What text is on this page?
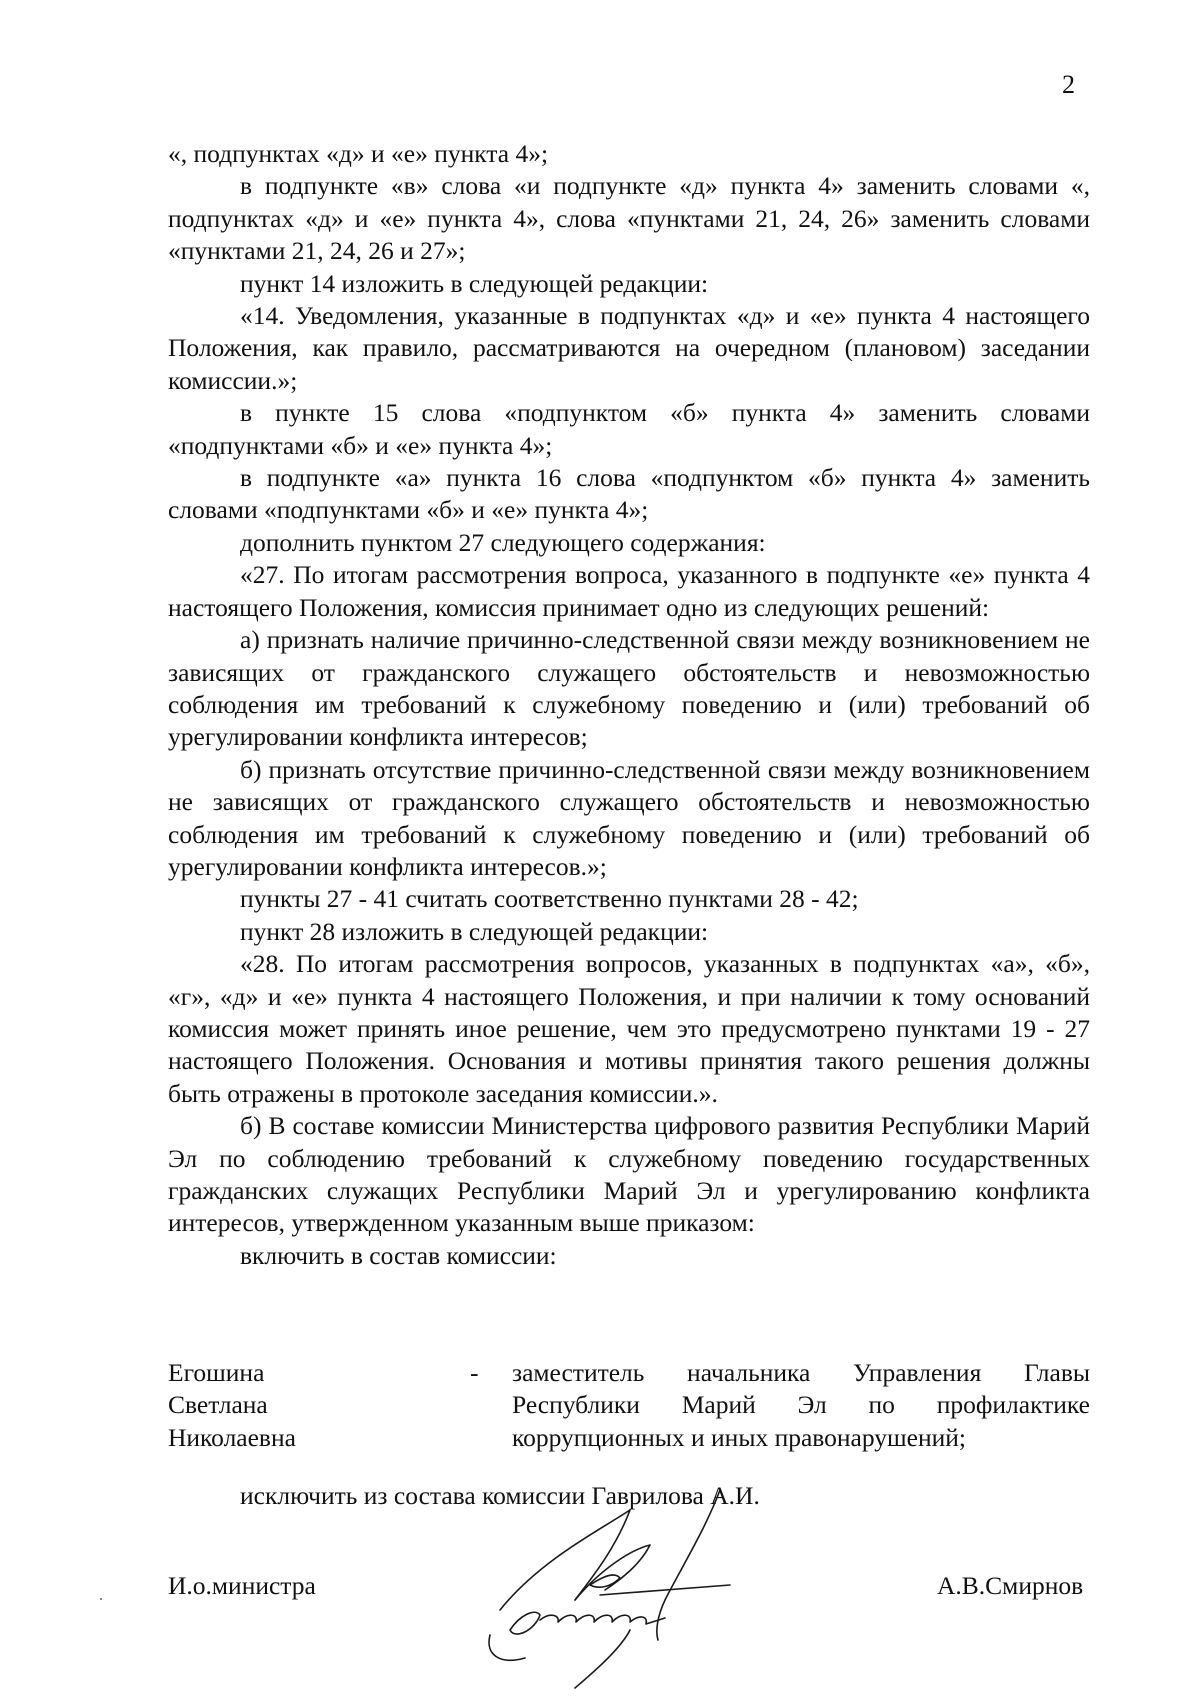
2

«, подпунктах «д» и «е» пункта 4»;

в подпункте «в» слова «и подпункте «д» пункта 4» заменить словами «, подпунктах «д» и «е» пункта 4», слова «пунктами 21, 24, 26» заменить словами «пунктами 21, 24, 26 и 27»;

пункт 14 изложить в следующей редакции:

«14. Уведомления, указанные в подпунктах «д» и «е» пункта 4 настоящего Положения, как правило, рассматриваются на очередном (плановом) заседании комиссии.»;

в пункте 15 слова «подпунктом «б» пункта 4» заменить словами «подпунктами «б» и «е» пункта 4»;

в подпункте «а» пункта 16 слова «подпунктом «б» пункта 4» заменить словами «подпунктами «б» и «е» пункта 4»;

дополнить пунктом 27 следующего содержания:

«27. По итогам рассмотрения вопроса, указанного в подпункте «е» пункта 4 настоящего Положения, комиссия принимает одно из следующих решений:

а) признать наличие причинно-следственной связи между возникновением не зависящих от гражданского служащего обстоятельств и невозможностью соблюдения им требований к служебному поведению и (или) требований об урегулировании конфликта интересов;

б) признать отсутствие причинно-следственной связи между возникновением не зависящих от гражданского служащего обстоятельств и невозможностью соблюдения им требований к служебному поведению и (или) требований об урегулировании конфликта интересов.»;

пункты 27 - 41 считать соответственно пунктами 28 - 42;

пункт 28 изложить в следующей редакции:

«28. По итогам рассмотрения вопросов, указанных в подпунктах «а», «б», «г», «д» и «е» пункта 4 настоящего Положения, и при наличии к тому оснований комиссия может принять иное решение, чем это предусмотрено пунктами 19 - 27 настоящего Положения. Основания и мотивы принятия такого решения должны быть отражены в протоколе заседания комиссии.».

б) В составе комиссии Министерства цифрового развития Республики Марий Эл по соблюдению требований к служебному поведению государственных гражданских служащих Республики Марий Эл и урегулированию конфликта интересов, утвержденном указанным выше приказом:

включить в состав комиссии:

Егошина
Светлана
Николаевна
-	заместитель начальника Управления Главы
Республики Марий Эл по профилактике
коррупционных и иных правонарушений;
исключить из состава комиссии Гаврилова А.И.
И.о.министра	А.В.Смирнов
